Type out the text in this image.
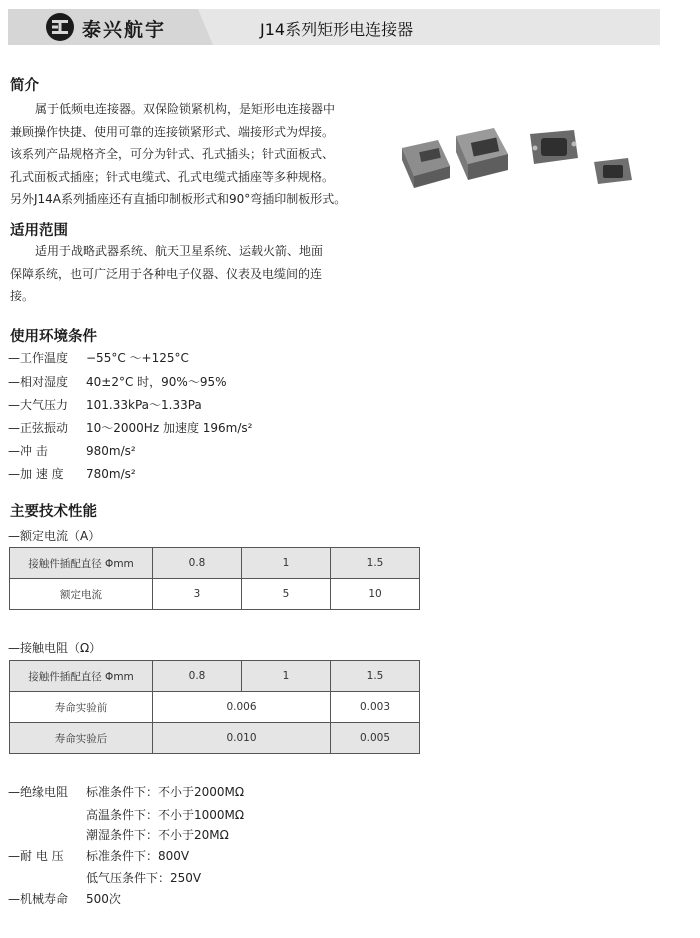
泰兴航宇	J14系列矩形电连接器
简介
属于低频电连接器。双保险锁紧机构，是矩形电连接器中
兼顾操作快捷、使用可靠的连接锁紧形式、端接形式为焊接。
该系列产品规格齐全，可分为针式、孔式插头；针式面板式、
孔式面板式插座；针式电缆式、孔式电缆式插座等多种规格。
另外J14A系列插座还有直插印制板形式和90°弯插印制板形式。
适用范围
适用于战略武器系统、航天卫星系统、运载火箭、地面
保障系统，也可广泛用于各种电子仪器、仪表及电缆间的连
接。
使用环境条件
—工作温度 −55°C ～+125°C
—相对湿度 40±2°C 时，90%～95%
—大气压力 101.33kPa～1.33Pa
—正弦振动 10～2000Hz 加速度 196m/s²
—冲 击	980m/s²
—加 速 度 780m/s²
主要技术性能
—额定电流（A）
接触件插配直径 Φmm	0.8	1	1.5
额定电流	3	5	10
—接触电阻（Ω）
接触件插配直径 Φmm	0.8	1	1.5
寿命实验前	0.006		0.003
寿命实验后	0.010		0.005
—绝缘电阻 标准条件下：不小于2000MΩ
高温条件下：不小于1000MΩ
潮湿条件下：不小于20MΩ
—耐 电 压 标准条件下：800V
低气压条件下：250V
—机械寿命 500次
